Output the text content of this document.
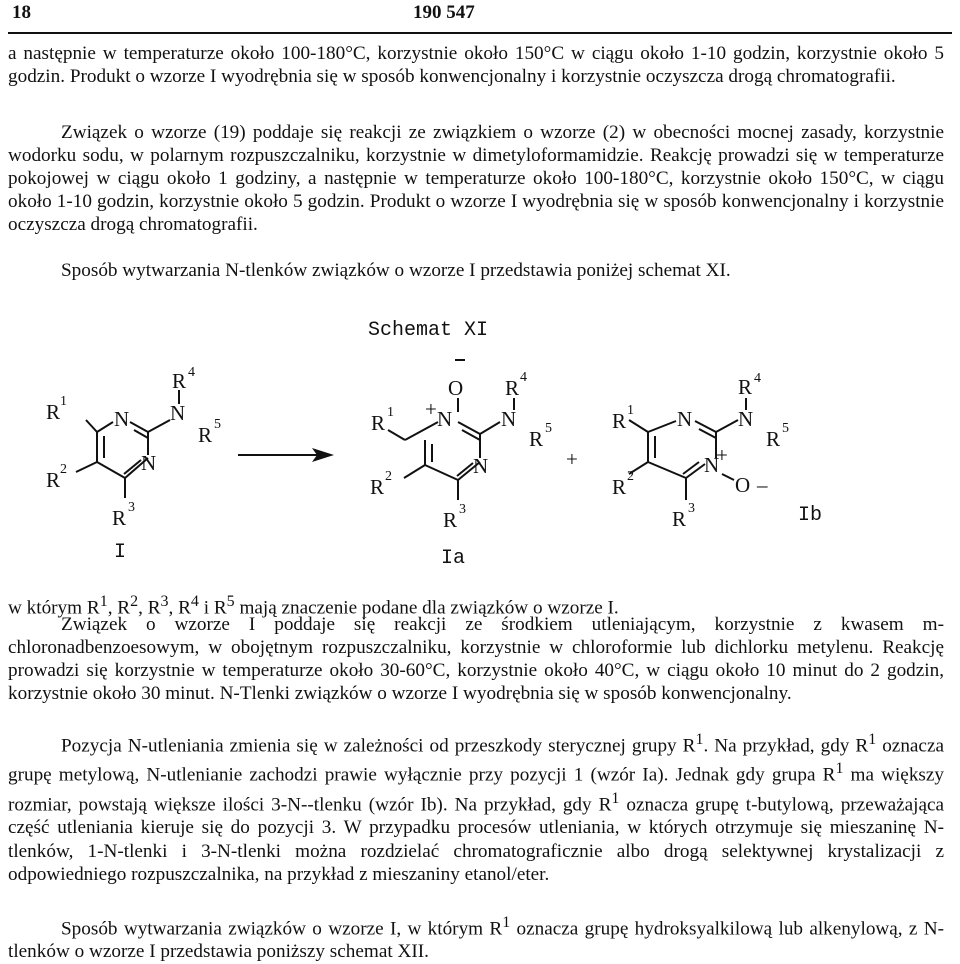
18	190 547

a następnie w temperaturze około 100-180°C, korzystnie około 150°C w ciągu około 1-10 godzin, korzystnie około 5 godzin. Produkt o wzorze I wyodrębnia się w sposób konwencjonalny i korzystnie oczyszcza drogą chromatografii.

Związek o wzorze (19) poddaje się reakcji ze związkiem o wzorze (2) w obecności mocnej zasady, korzystnie wodorku sodu, w polarnym rozpuszczalniku, korzystnie w dimetyloformamidzie. Reakcję prowadzi się w temperaturze pokojowej w ciągu około 1 godziny, a następnie w temperaturze około 100-180°C, korzystnie około 150°C, w ciągu około 1-10 godzin, korzystnie około 5 godzin. Produkt o wzorze I wyodrębnia się w sposób konwencjonalny i korzystnie oczyszcza drogą chromatografii.

Sposób wytwarzania N-tlenków związków o wzorze I przedstawia poniżej schemat XI.

Schemat XI
R 1
N N
R 4
R 5
N
R 2
R 3
I
O
+ N
R 1
R 4
N
R 5
N
R 2
R 3
Ia
+
R 1 N
R 4
N
R 5
N
+
O –
R 2
R 3	Ib

w którym $R^1$, $R^2$, $R^3$, $R^4$ i $R^5$ mają znaczenie podane dla związków o wzorze I.

Związek o wzorze I poddaje się reakcji ze środkiem utleniającym, korzystnie z kwasem m-chloronadbenzoesowym, w obojętnym rozpuszczalniku, korzystnie w chloroformie lub dichlorku metylenu. Reakcję prowadzi się korzystnie w temperaturze około 30-60°C, korzystnie około 40°C, w ciągu około 10 minut do 2 godzin, korzystnie około 30 minut. N-Tlenki związków o wzorze I wyodrębnia się w sposób konwencjonalny.

Pozycja N-utleniania zmienia się w zależności od przeszkody sterycznej grupy $R^1$. Na przykład, gdy $R^1$ oznacza grupę metylową, N-utlenianie zachodzi prawie wyłącznie przy pozycji 1 (wzór Ia). Jednak gdy grupa $R^1$ ma większy rozmiar, powstają większe ilości 3-N--tlenku (wzór Ib). Na przykład, gdy $R^1$ oznacza grupę t-butylową, przeważająca część utleniania kieruje się do pozycji 3. W przypadku procesów utleniania, w których otrzymuje się mieszaninę N-tlenków, 1-N-tlenki i 3-N-tlenki można rozdzielać chromatograficznie albo drogą selektywnej krystalizacji z odpowiedniego rozpuszczalnika, na przykład z mieszaniny etanol/eter.

Sposób wytwarzania związków o wzorze I, w którym $R^1$ oznacza grupę hydroksyalkilową lub alkenylową, z N-tlenków o wzorze I przedstawia poniższy schemat XII.
